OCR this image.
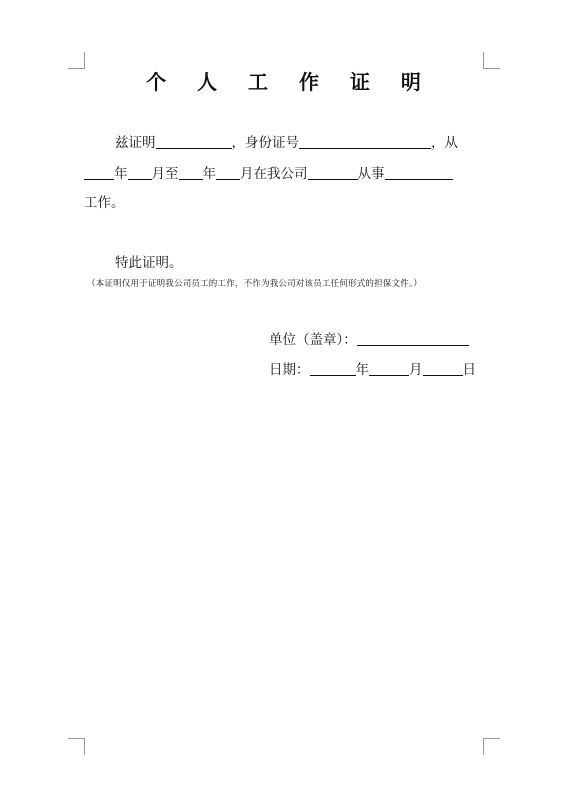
个 人 工 作 证 明
兹证明	，身份证号	，从
年 月至 年 月在我公司	从事
工作。
特此证明。
（本证明仅用于证明我公司员工的工作，不作为我公司对该员工任何形式的担保文件。）
单位（盖章）：
日期：	年	月	日
